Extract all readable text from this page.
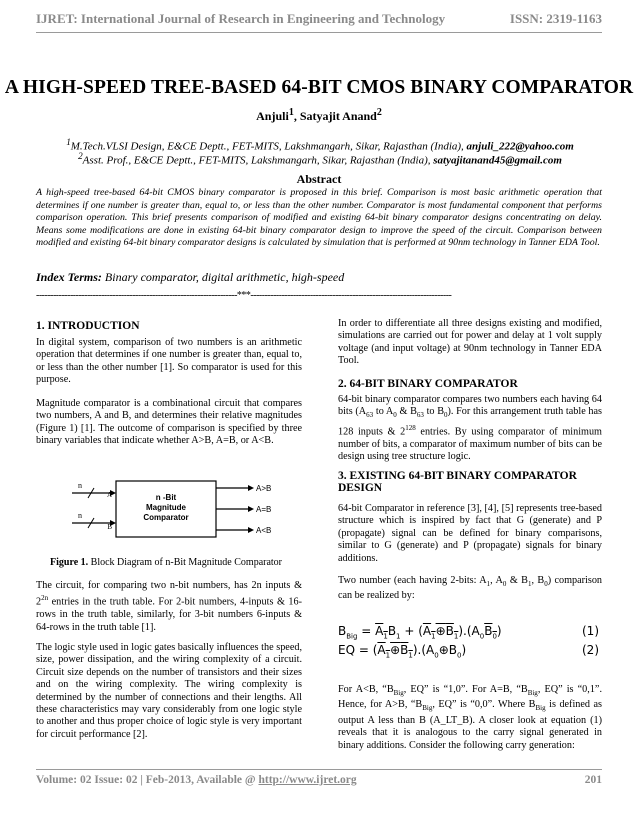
IJRET: International Journal of Research in Engineering and Technology	ISSN: 2319-1163
A HIGH-SPEED TREE-BASED 64-BIT CMOS BINARY COMPARATOR
Anjuli$^1$, Satyajit Anand$^2$
$^1$M.Tech.VLSI Design, E&CE Deptt., FET-MITS, Lakshmangarh, Sikar, Rajasthan (India), anjuli_222@yahoo.com
$^2$Asst. Prof., E&CE Deptt., FET-MITS, Lakshmangarh, Sikar, Rajasthan (India), satyajitanand45@gmail.com
Abstract
A high-speed tree-based 64-bit CMOS binary comparator is proposed in this brief. Comparison is most basic arithmetic operation that determines if one number is greater than, equal to, or less than the other number. Comparator is most fundamental component that performs comparison operation. This brief presents comparison of modified and existing 64-bit binary comparator designs concentrating on delay. Means some modifications are done in existing 64-bit binary comparator design to improve the speed of the circuit. Comparison between modified and existing 64-bit binary comparator designs is calculated by simulation that is performed at 90nm technology in Tanner EDA Tool.
Index Terms: Binary comparator, digital arithmetic, high-speed
-----------------------------------------------------------------------***-----------------------------------------------------------------------
1. INTRODUCTION
In digital system, comparison of two numbers is an arithmetic operation that determines if one number is greater than, equal to, or less than the other number [1]. So comparator is used for this purpose.
Magnitude comparator is a combinational circuit that compares two numbers, A and B, and determines their relative magnitudes (Figure 1) [1]. The outcome of comparison is specified by three binary variables that indicate whether A>B, A=B, or A<B.
n
A
n
B
n -Bit
Magnitude
Comparator
A>B
A=B
A<B
Figure 1. Block Diagram of n-Bit Magnitude Comparator
The circuit, for comparing two n-bit numbers, has 2n inputs & $2^{2n}$ entries in the truth table. For 2-bit numbers, 4-inputs & 16-rows in the truth table, similarly, for 3-bit numbers 6-inputs & 64-rows in the truth table [1].
The logic style used in logic gates basically influences the speed, size, power dissipation, and the wiring complexity of a circuit. Circuit size depends on the number of transistors and their sizes and on the wiring complexity. The wiring complexity is determined by the number of connections and their lengths. All these characteristics may vary considerably from one logic style to another and thus proper choice of logic style is very important for circuit performance [2].
In order to differentiate all three designs existing and modified, simulations are carried out for power and delay at 1 volt supply voltage (and input voltage) at 90nm technology in Tanner EDA Tool.
2. 64-BIT BINARY COMPARATOR
64-bit binary comparator compares two numbers each having 64 bits ($A_{63}$ to $A_0$ & $B_{63}$ to $B_0$). For this arrangement truth table has 128 inputs & $2^{128}$ entries. By using comparator of minimum number of bits, a comparator of maximum number of bits can be design using tree structure logic.
3. EXISTING 64-BIT BINARY COMPARATOR DESIGN
64-bit Comparator in reference [3], [4], [5] represents tree-based structure which is inspired by fact that G (generate) and P (propagate) signal can be defined for binary comparisons, similar to G (generate) and P (propagate) signals for binary additions.
Two number (each having 2-bits: $A_1$, $A_0$ & $B_1$, $B_0$) comparison can be realized by:
$B_{Big} = A_1B_1$ + $(A_1\oplus B_1).(A_0B_0)$	(1)
EQ = $(A_1\oplus B_1).(A_0\oplus B_0)$	(2)
For A<B, “$B_{Big}$, EQ” is “1,0”. For A=B, “$B_{Big}$, EQ” is “0,1”. Hence, for A>B, “$B_{Big}$, EQ” is “0,0”. Where $B_{Big}$ is defined as output A less than B (A_LT_B). A closer look at equation (1) reveals that it is analogous to the carry signal generated in binary additions. Consider the following carry generation:
Volume: 02 Issue: 02 | Feb-2013, Available @ http://www.ijret.org	201
